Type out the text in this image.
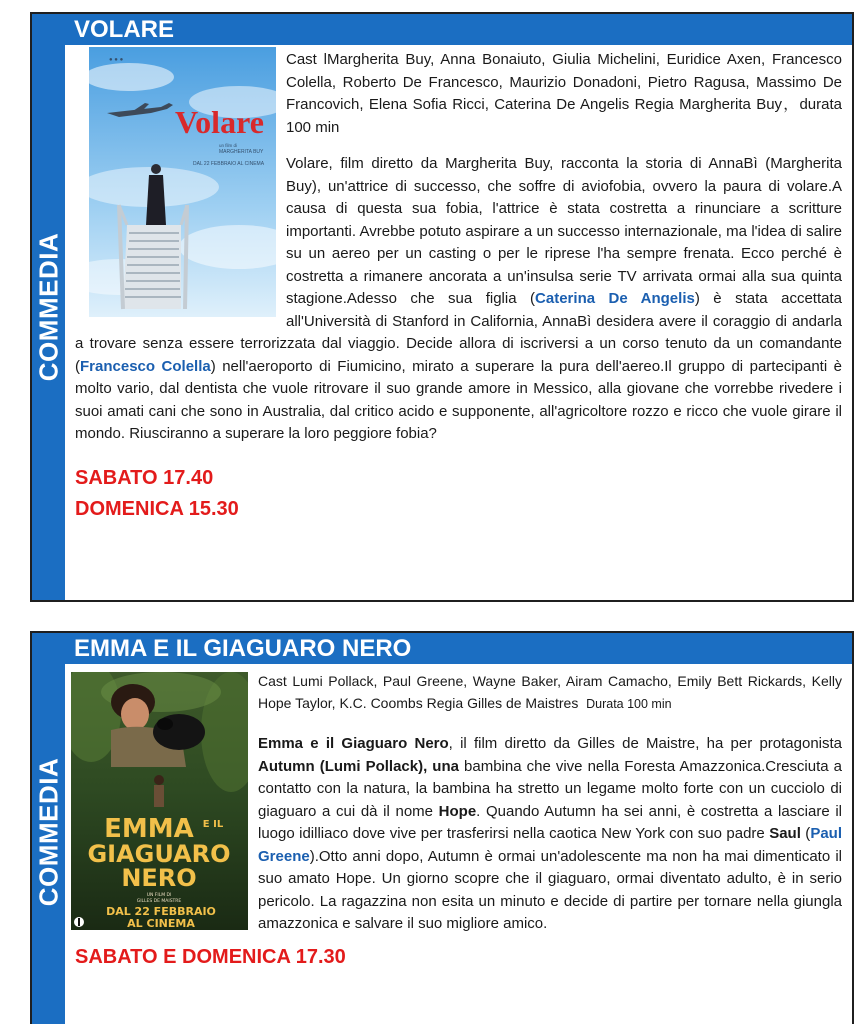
COMMEDIA
VOLARE
● ● ●
Volare
un film di
MARGHERITA BUY
DAL 22 FEBBRAIO AL CINEMA

Cast lMargherita Buy, Anna Bonaiuto, Giulia Michelini, Euridice Axen, Francesco Colella, Roberto De Francesco, Maurizio Donadoni, Pietro Ragusa, Massimo De Francovich, Elena Sofia Ricci, Caterina De Angelis Regia Margherita Buy，durata 100 min

Volare, film diretto da Margherita Buy, racconta la storia di AnnaBì (Margherita Buy), un'attrice di successo, che soffre di aviofobia, ovvero la paura di volare.A causa di questa sua fobia, l'attrice è stata costretta a rinunciare a scritture importanti. Avrebbe potuto aspirare a un successo internazionale, ma l'idea di salire su un aereo per un casting o per le riprese l'ha sempre frenata. Ecco perché è costretta a rimanere ancorata a un'insulsa serie TV arrivata ormai alla sua quinta stagione.Adesso che sua figlia (Caterina De Angelis) è stata accettata all'Università di Stanford in California, AnnaBì desidera avere il coraggio di andarla a trovare senza essere terrorizzata dal viaggio. Decide allora di iscriversi a un corso tenuto da un comandante (Francesco Colella) nell'aeroporto di Fiumicino, mirato a superare la pura dell'aereo.Il gruppo di partecipanti è molto vario, dal dentista che vuole ritrovare il suo grande amore in Messico, alla giovane che vorrebbe rivedere i suoi amati cani che sono in Australia, dal critico acido e supponente, all'agricoltore rozzo e ricco che vuole girare il mondo. Riusciranno a superare la loro peggiore fobia?

SABATO 17.40
DOMENICA 15.30
COMMEDIA
EMMA E IL GIAGUARO NERO
EMMA E IL
GIAGUARO
NERO
UN FILM DI
GILLES DE MAISTRE
DAL 22 FEBBRAIO
AL CINEMA

Cast Lumi Pollack, Paul Greene, Wayne Baker, Airam Camacho, Emily Bett Rickards, Kelly Hope Taylor, K.C. Coombs Regia Gilles de Maistres Durata 100 min

Emma e il Giaguaro Nero, il film diretto da Gilles de Maistre, ha per protagonista Autumn (Lumi Pollack), una bambina che vive nella Foresta Amazzonica.Cresciuta a contatto con la natura, la bambina ha stretto un legame molto forte con un cucciolo di giaguaro a cui dà il nome Hope. Quando Autumn ha sei anni, è costretta a lasciare il luogo idilliaco dove vive per trasferirsi nella caotica New York con suo padre Saul (Paul Greene).Otto anni dopo, Autumn è ormai un'adolescente ma non ha mai dimenticato il suo amato Hope. Un giorno scopre che il giaguaro, ormai diventato adulto, è in serio pericolo. La ragazzina non esita un minuto e decide di partire per tornare nella giungla amazzonica e salvare il suo migliore amico.

SABATO E DOMENICA 17.30
